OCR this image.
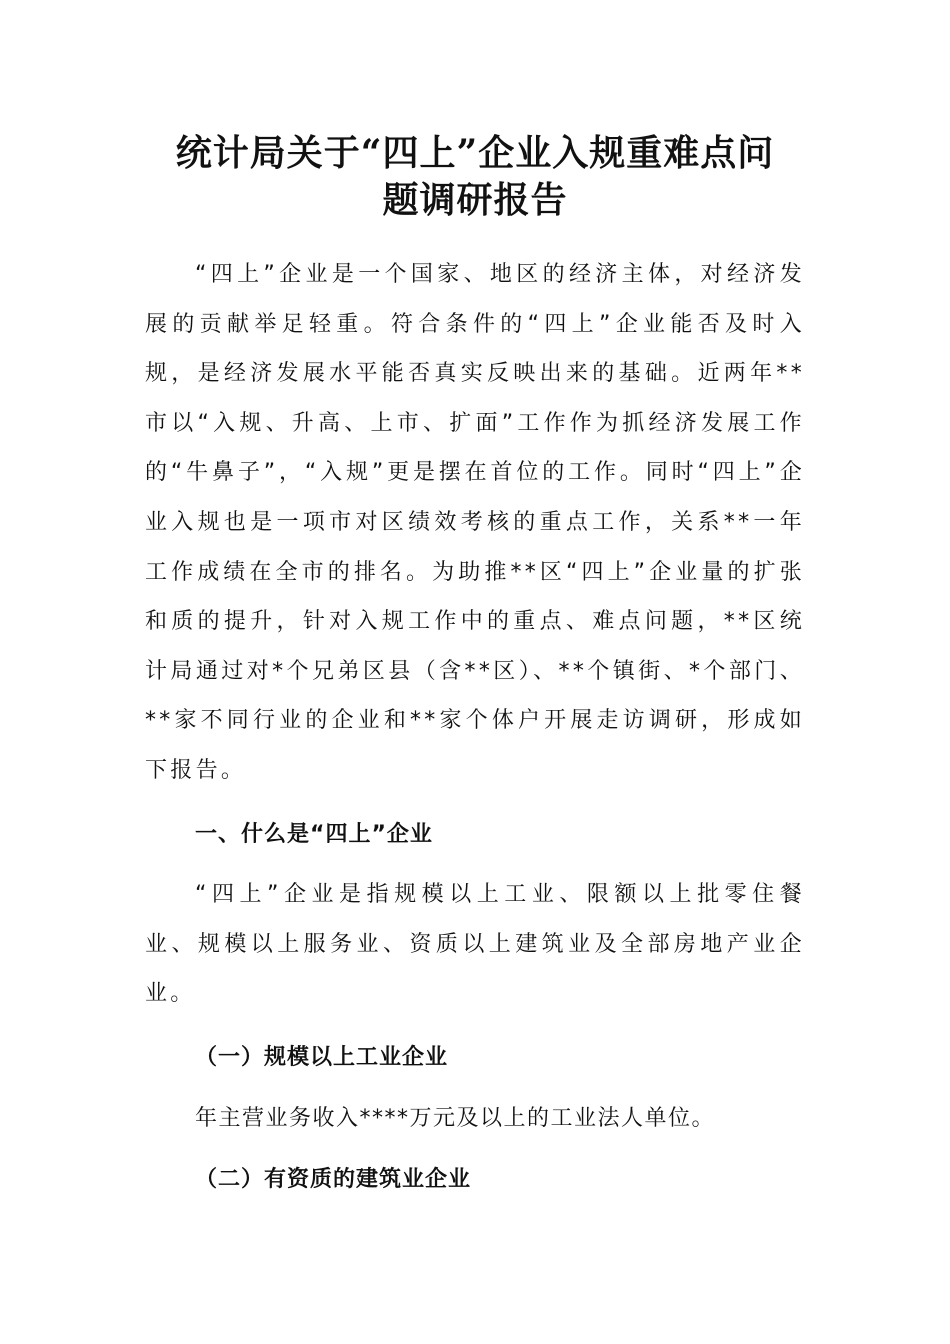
统计局关于“四上”企业入规重难点问
题调研报告

“四上”企业是一个国家、地区的经济主体，对经济发展的贡献举足轻重。符合条件的“四上”企业能否及时入规，是经济发展水平能否真实反映出来的基础。近两年**市以“入规、升高、上市、扩面”工作作为抓经济发展工作的“牛鼻子”，“入规”更是摆在首位的工作。同时“四上”企业入规也是一项市对区绩效考核的重点工作，关系**一年工作成绩在全市的排名。为助推**区“四上”企业量的扩张和质的提升，针对入规工作中的重点、难点问题，**区统计局通过对*个兄弟区县（含**区）、**个镇街、*个部门、**家不同行业的企业和**家个体户开展走访调研，形成如下报告。

一、什么是“四上”企业

“四上”企业是指规模以上工业、限额以上批零住餐业、规模以上服务业、资质以上建筑业及全部房地产业企业。

（一）规模以上工业企业

年主营业务收入****万元及以上的工业法人单位。

（二）有资质的建筑业企业
